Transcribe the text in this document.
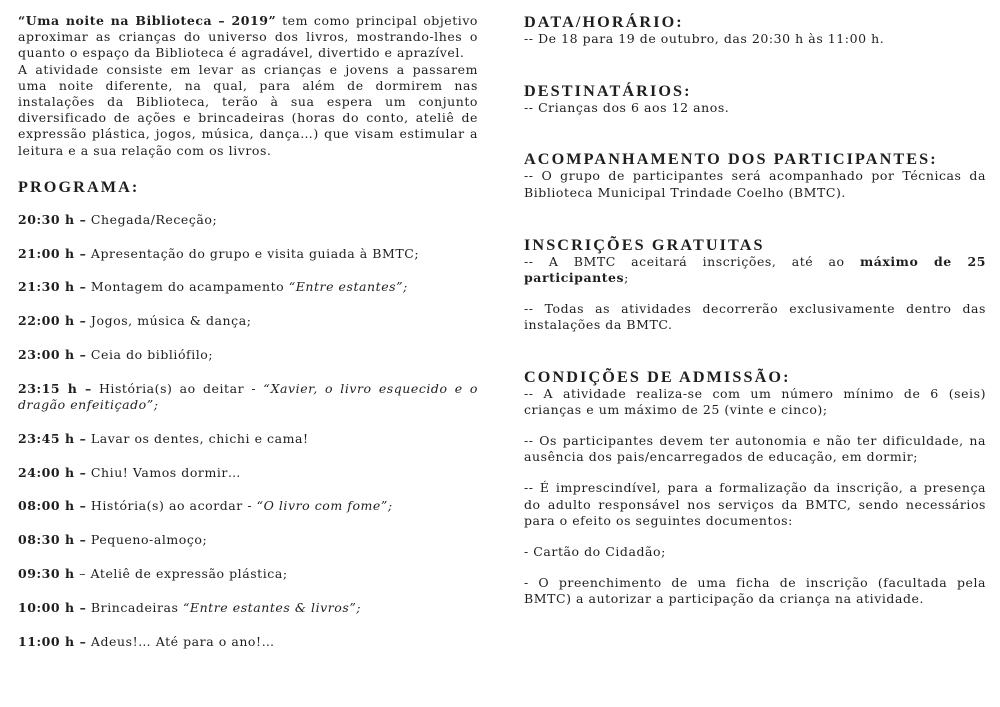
“Uma noite na Biblioteca – 2019” tem como principal objetivo aproximar as crianças do universo dos livros, mostrando-lhes o quanto o espaço da Biblioteca é agradável, divertido e aprazível.

A atividade consiste em levar as crianças e jovens a passarem uma noite diferente, na qual, para além de dormirem nas instalações da Biblioteca, terão à sua espera um conjunto diversificado de ações e brincadeiras (horas do conto, ateliê de expressão plástica, jogos, música, dança…) que visam estimular a leitura e a sua relação com os livros.

PROGRAMA:

20:30 h – Chegada/Receção;

21:00 h – Apresentação do grupo e visita guiada à BMTC;

21:30 h – Montagem do acampamento “Entre estantes”;

22:00 h – Jogos, música & dança;

23:00 h – Ceia do bibliófilo;

23:15 h – História(s) ao deitar - “Xavier, o livro esquecido e o dragão enfeitiçado”;

23:45 h – Lavar os dentes, chichi e cama!

24:00 h – Chiu! Vamos dormir…

08:00 h – História(s) ao acordar - “O livro com fome”;

08:30 h – Pequeno-almoço;

09:30 h – Ateliê de expressão plástica;

10:00 h – Brincadeiras “Entre estantes & livros”;

11:00 h – Adeus!… Até para o ano!…

DATA/HORÁRIO:

-- De 18 para 19 de outubro, das 20:30 h às 11:00 h.

DESTINATÁRIOS:

-- Crianças dos 6 aos 12 anos.

ACOMPANHAMENTO DOS PARTICIPANTES:

-- O grupo de participantes será acompanhado por Técnicas da Biblioteca Municipal Trindade Coelho (BMTC).

INSCRIÇÕES GRATUITAS

-- A BMTC aceitará inscrições, até ao máximo de 25 participantes;

-- Todas as atividades decorrerão exclusivamente dentro das instalações da BMTC.

CONDIÇÕES DE ADMISSÃO:

-- A atividade realiza-se com um número mínimo de 6 (seis) crianças e um máximo de 25 (vinte e cinco);

-- Os participantes devem ter autonomia e não ter dificuldade, na ausência dos pais/encarregados de educação, em dormir;

-- É imprescindível, para a formalização da inscrição, a presença do adulto responsável nos serviços da BMTC, sendo necessários para o efeito os seguintes documentos:

- Cartão do Cidadão;

- O preenchimento de uma ficha de inscrição (facultada pela BMTC) a autorizar a participação da criança na atividade.
